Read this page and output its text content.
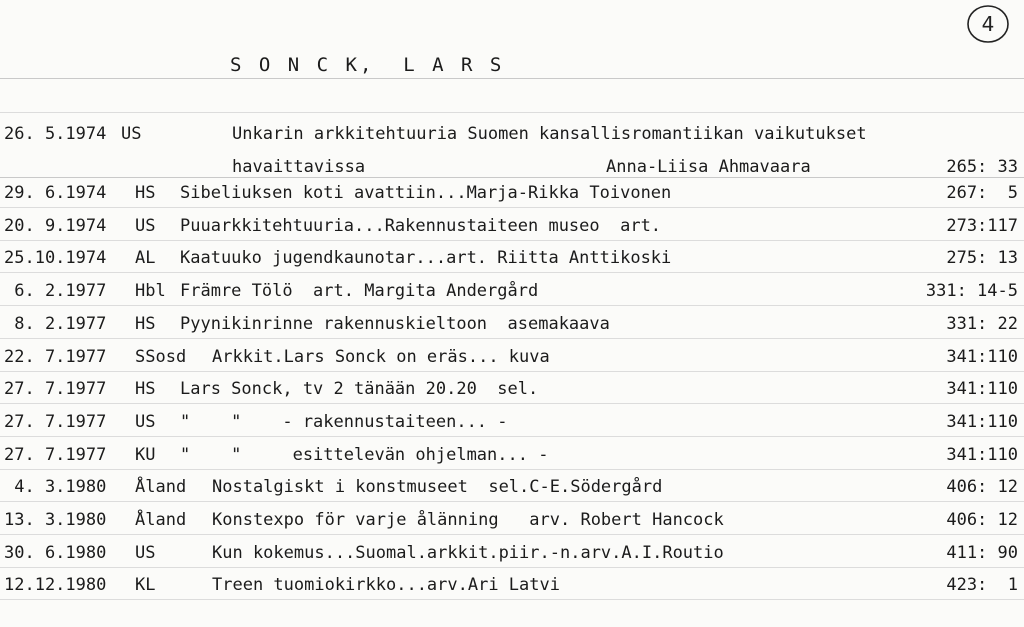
4
S O N C K,  L A R S
26. 5.1974 US	Unkarin arkkitehtuuria Suomen kansallisromantiikan vaikutukset
havaittavissa	Anna-Liisa Ahmavaara	265: 33
29. 6.1974 HS Sibeliuksen koti avattiin...Marja-Rikka Toivonen	267:  5
20. 9.1974 US Puuarkkitehtuuria...Rakennustaiteen museo  art.	273:117
25.10.1974 AL Kaatuuko jugendkaunotar...art. Riitta Anttikoski	275: 13
6. 2.1977 Hbl Främre Tölö  art. Margita Andergård	331: 14-5
8. 2.1977 HS Pyynikinrinne rakennuskieltoon  asemakaava	331: 22
22. 7.1977 SSosd Arkkit.Lars Sonck on eräs... kuva	341:110
27. 7.1977 HS Lars Sonck, tv 2 tänään 20.20  sel.	341:110
27. 7.1977 US "    "    - rakennustaiteen... -	341:110
27. 7.1977 KU "    "     esittelevän ohjelman... -	341:110
4. 3.1980 Åland Nostalgiskt i konstmuseet  sel.C-E.Södergård	406: 12
13. 3.1980 Åland Konstexpo för varje ålänning   arv. Robert Hancock	406: 12
30. 6.1980 US	Kun kokemus...Suomal.arkkit.piir.-n.arv.A.I.Routio	411: 90
12.12.1980 KL	Treen tuomiokirkko...arv.Ari Latvi	423:  1
